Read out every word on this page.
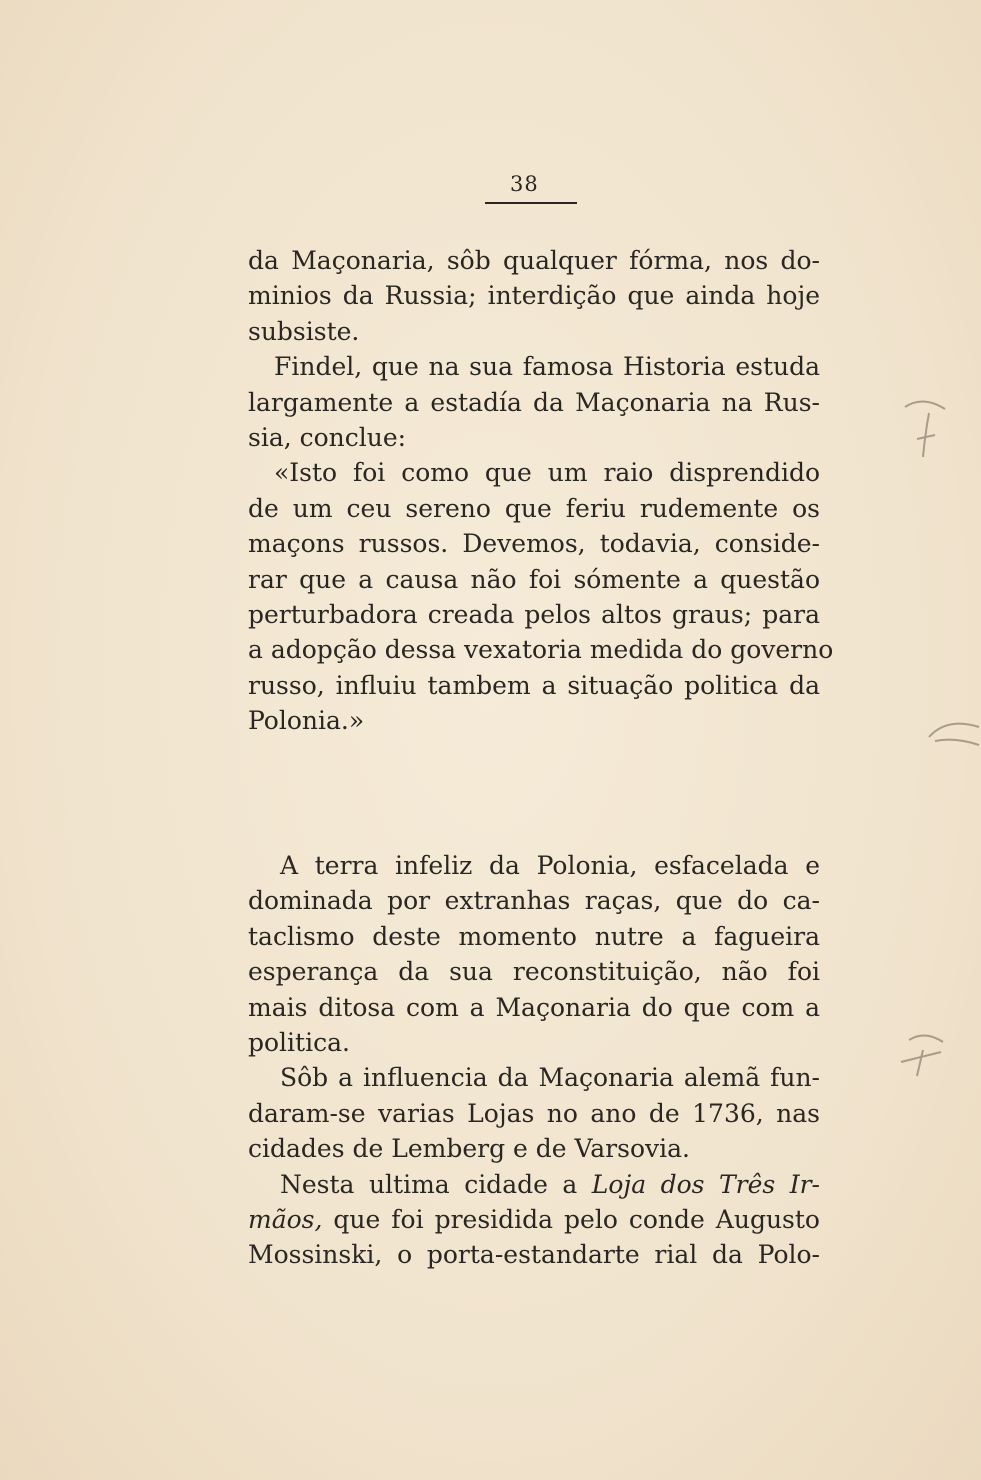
38
da Maçonaria, sôb qualquer fórma, nos do-
minios da Russia; interdição que ainda hoje
subsiste.
Findel, que na sua famosa Historia estuda
largamente a estadía da Maçonaria na Rus-
sia, conclue:
«Isto foi como que um raio disprendido
de um ceu sereno que feriu rudemente os
maçons russos. Devemos, todavia, conside-
rar que a causa não foi sómente a questão
perturbadora creada pelos altos graus; para
a adopção dessa vexatoria medida do governo
russo, influiu tambem a situação politica da
Polonia.»
A terra infeliz da Polonia, esfacelada e
dominada por extranhas raças, que do ca-
taclismo deste momento nutre a fagueira
esperança da sua reconstituição, não foi
mais ditosa com a Maçonaria do que com a
politica.
Sôb a influencia da Maçonaria alemã fun-
daram-se varias Lojas no ano de 1736, nas
cidades de Lemberg e de Varsovia.
Nesta ultima cidade a Loja dos Três Ir-
mãos, que foi presidida pelo conde Augusto
Mossinski, o porta-estandarte rial da Polo-
